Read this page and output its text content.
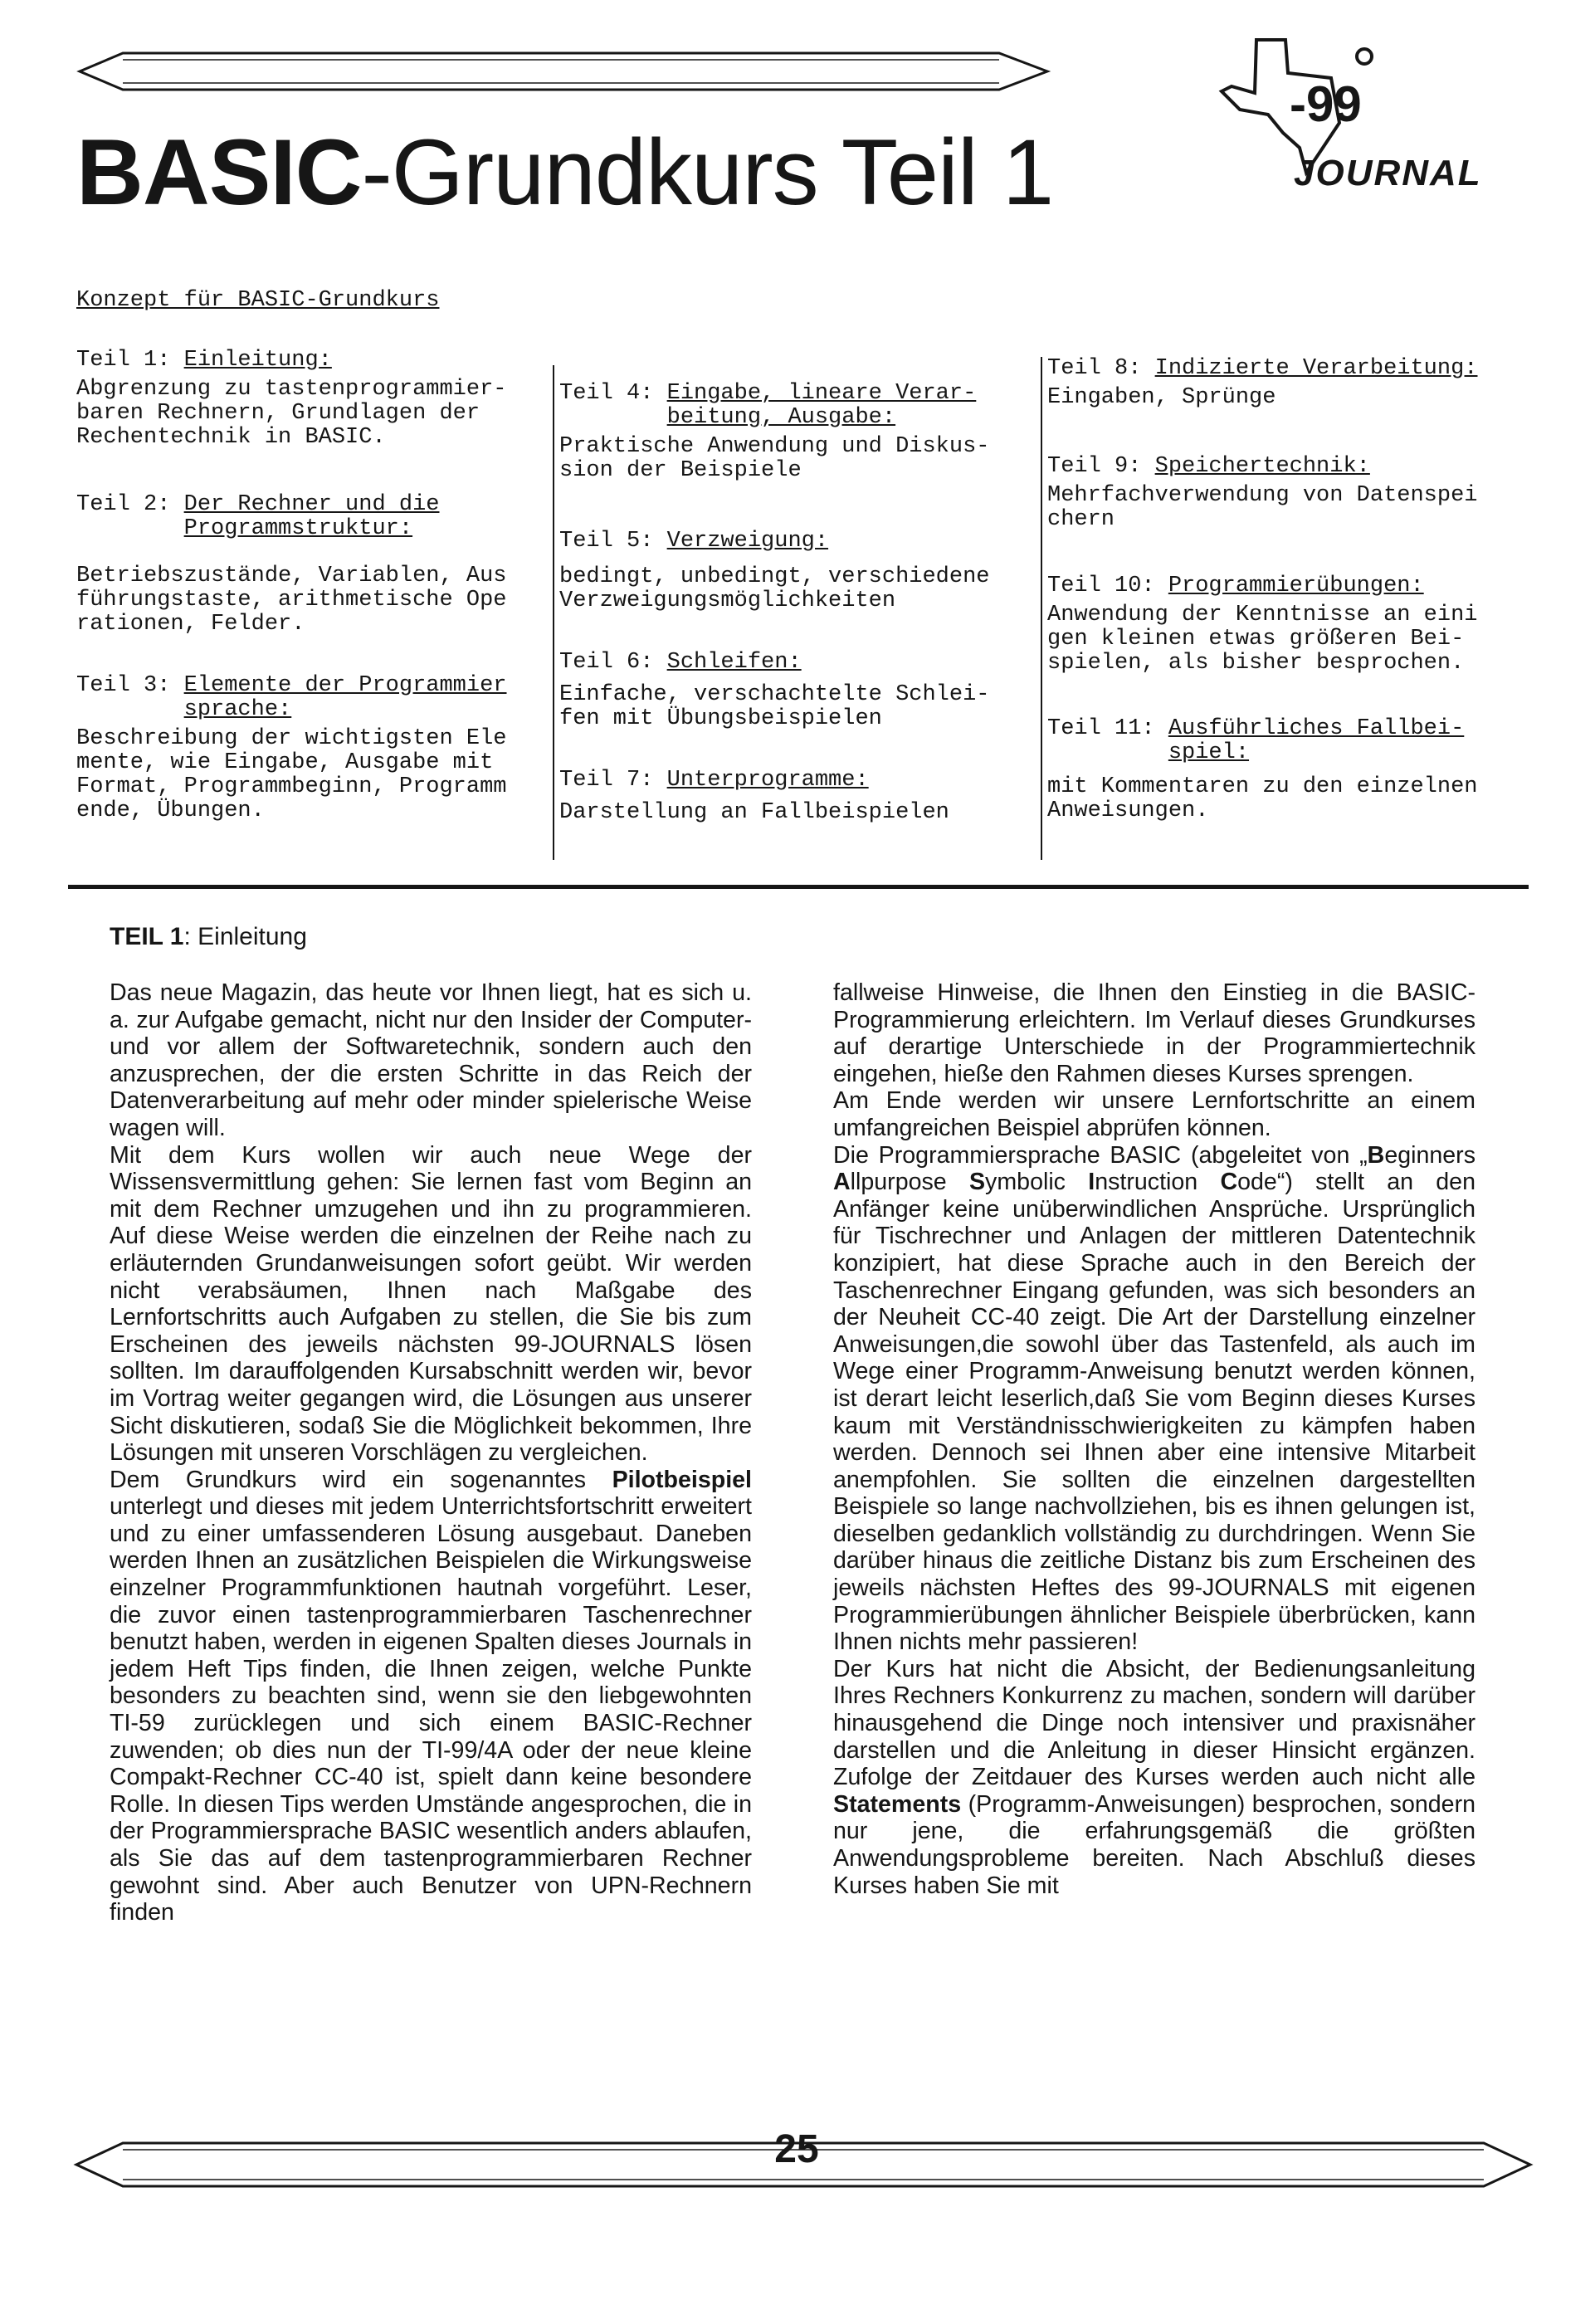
BASIC-Grundkurs Teil 1
-99
JOURNAL
Konzept für BASIC-Grundkurs

Teil 1: Einleitung:

Abgrenzung zu tastenprogrammier-
baren Rechnern, Grundlagen der
Rechentechnik in BASIC.

Teil 2:
Der Rechner und die
Programmstruktur:

Betriebszustände, Variablen, Aus
führungstaste, arithmetische Ope
rationen, Felder.

Teil 3:
Elemente der Programmier
sprache:

Beschreibung der wichtigsten Ele
mente, wie Eingabe, Ausgabe mit
Format, Programmbeginn, Programm
ende, Übungen.

Teil 4:
Eingabe, lineare Verar-
beitung, Ausgabe:

Praktische Anwendung und Diskus-
sion der Beispiele

Teil 5: Verzweigung:

bedingt, unbedingt, verschiedene
Verzweigungsmöglichkeiten

Teil 6: Schleifen:

Einfache, verschachtelte Schlei-
fen mit Übungsbeispielen

Teil 7: Unterprogramme:

Darstellung an Fallbeispielen

Teil 8: Indizierte Verarbeitung:

Eingaben, Sprünge

Teil 9: Speichertechnik:

Mehrfachverwendung von Datenspei
chern

Teil 10: Programmierübungen:

Anwendung der Kenntnisse an eini
gen kleinen etwas größeren Bei-
spielen, als bisher besprochen.

Teil 11:
Ausführliches Fallbei-
spiel:

mit Kommentaren zu den einzelnen
Anweisungen.

TEIL 1: Einleitung

Das neue Magazin, das heute vor Ihnen liegt, hat es sich u. a. zur Aufgabe gemacht, nicht nur den Insider der Computer- und vor allem der Softwaretechnik, sondern auch den anzusprechen, der die ersten Schritte in das Reich der Datenverarbeitung auf mehr oder minder spielerische Weise wagen will.

Mit dem Kurs wollen wir auch neue Wege der Wissensvermittlung gehen: Sie lernen fast vom Beginn an mit dem Rechner umzugehen und ihn zu programmieren. Auf diese Weise werden die einzelnen der Reihe nach zu erläuternden Grundanweisungen sofort geübt. Wir werden nicht verabsäumen, Ihnen nach Maßgabe des Lernfortschritts auch Aufgaben zu stellen, die Sie bis zum Erscheinen des jeweils nächsten 99-JOURNALS lösen sollten. Im darauffolgenden Kursabschnitt werden wir, bevor im Vortrag weiter gegangen wird, die Lösungen aus unserer Sicht diskutieren, sodaß Sie die Möglichkeit bekommen, Ihre Lösungen mit unseren Vorschlägen zu vergleichen.

Dem Grundkurs wird ein sogenanntes Pilotbeispiel unterlegt und dieses mit jedem Unterrichtsfortschritt erweitert und zu einer umfassenderen Lösung ausgebaut. Daneben werden Ihnen an zusätzlichen Beispielen die Wirkungsweise einzelner Programmfunktionen hautnah vorgeführt. Leser, die zuvor einen tastenprogrammierbaren Taschenrechner benutzt haben, werden in eigenen Spalten dieses Journals in jedem Heft Tips finden, die Ihnen zeigen, welche Punkte besonders zu beachten sind, wenn sie den liebgewohnten TI-59 zurücklegen und sich einem BASIC-Rechner zuwenden; ob dies nun der TI-99/4A oder der neue kleine Compakt-Rechner CC-40 ist, spielt dann keine besondere Rolle. In diesen Tips werden Umstände angesprochen, die in der Programmiersprache BASIC wesentlich anders ablaufen, als Sie das auf dem tastenprogrammierbaren Rechner gewohnt sind. Aber auch Benutzer von UPN-Rechnern finden

fallweise Hinweise, die Ihnen den Einstieg in die BASIC-Programmierung erleichtern. Im Verlauf dieses Grundkurses auf derartige Unterschiede in der Programmiertechnik eingehen, hieße den Rahmen dieses Kurses sprengen.

Am Ende werden wir unsere Lernfortschritte an einem umfangreichen Beispiel abprüfen können.

Die Programmiersprache BASIC (abgeleitet von „Beginners Allpurpose Symbolic Instruction Code“) stellt an den Anfänger keine unüberwindlichen Ansprüche. Ursprünglich für Tischrechner und Anlagen der mittleren Datentechnik konzipiert, hat diese Sprache auch in den Bereich der Taschenrechner Eingang gefunden, was sich besonders an der Neuheit CC-40 zeigt. Die Art der Darstellung einzelner Anweisungen,die sowohl über das Tastenfeld, als auch im Wege einer Programm-Anweisung benutzt werden können, ist derart leicht leserlich,daß Sie vom Beginn dieses Kurses kaum mit Verständnisschwierigkeiten zu kämpfen haben werden. Dennoch sei Ihnen aber eine intensive Mitarbeit anempfohlen. Sie sollten die einzelnen dargestellten Beispiele so lange nachvollziehen, bis es ihnen gelungen ist, dieselben gedanklich vollständig zu durchdringen. Wenn Sie darüber hinaus die zeitliche Distanz bis zum Erscheinen des jeweils nächsten Heftes des 99-JOURNALS mit eigenen Programmierübungen ähnlicher Beispiele überbrücken, kann Ihnen nichts mehr passieren!

Der Kurs hat nicht die Absicht, der Bedienungsanleitung Ihres Rechners Konkurrenz zu machen, sondern will darüber hinausgehend die Dinge noch intensiver und praxisnäher darstellen und die Anleitung in dieser Hinsicht ergänzen. Zufolge der Zeitdauer des Kurses werden auch nicht alle Statements (Programm-Anweisungen) besprochen, sondern nur jene, die erfahrungsgemäß die größten Anwendungsprobleme bereiten. Nach Abschluß dieses Kurses haben Sie mit

25
